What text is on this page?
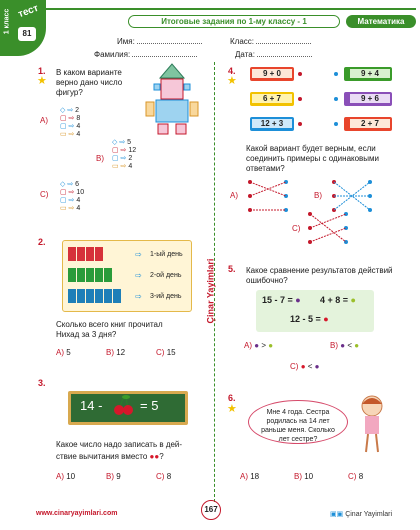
1 класс тест
81
Итоговые задания по 1-му классу - 1	Математика
Имя:	Класс:
Фамилия:	Дата:
Çinar Yayimlari
1.
★
В каком варианте верно дано число фигур?
A)
◇ ⇨ 2
▢ ⇨ 8
▢ ⇨ 4
▭ ⇨ 4
B)
◇ ⇨ 5
▢ ⇨ 12
▢ ⇨ 2
▭ ⇨ 4
C)
◇ ⇨ 6
▢ ⇨ 10
▢ ⇨ 4
▭ ⇨ 4
2.
1-ый день
2-ой день
3-ий день
⇨
⇨
⇨
Сколько всего книг прочитал Нихад за 3 дня?
A) 5	B) 12	C) 15
3.
14 -	= 5
Какое число надо записать в дей-
ствие вычитания вместо ●●?
A) 10	B) 9	C) 8
4.
★
9 + 0
6 + 7
12 + 3
9 + 4
9 + 6
2 + 7
Какой вариант будет верным, если соединить примеры с одинаковыми ответами?
A)	B)
C)
5. Какое сравнение результатов действий ошибочно?
15 - 7 = ● 4 + 8 = ●
12 - 5 = ●
A) ● > ●	B) ● < ●
C) ● < ●
6.
★	Мне 4 года. Сестра родилась на 14 лет раньше меня. Сколько лет сестре?
A) 18	B) 10	C) 8
www.cinaryayimlari.com	167
▣▣ Çinar Yayimlari
